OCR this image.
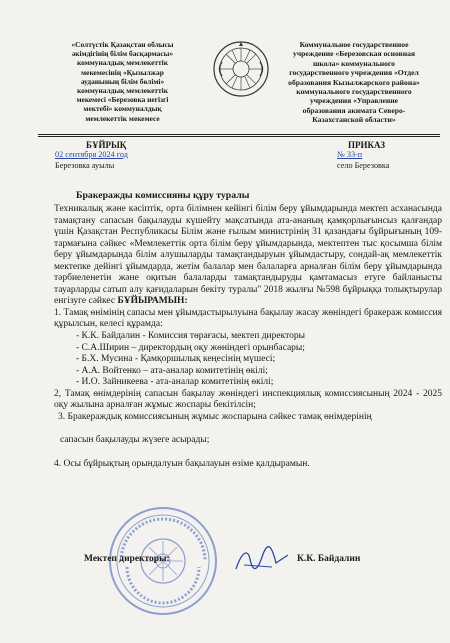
«Солтүстік Қазақстан облысы
әкімдігінің білім басқармасы»
коммуналдық мемлекеттік
мекемесінің «Қызылжар
ауданының білім бөлімі»
коммуналдық мемлекеттік
мекемесі «Березовка негізгі
мектебі» коммуналдық
мемлекеттік мекемесе
Коммунальное государственное
учреждение «Березовская основная
школа» коммунального
государственного учреждения «Отдел
образования Кызылжарского района»
коммунального государственного
учреждения «Управление
образования акимата Северо-
Казахстанской области»
БҰЙРЫҚ	ПРИКАЗ
02 сентября 2024 год
Березовка ауылы
№ 33-п
село Березовка
Бракеражды комиссияны құру туралы
Техникалық және кәсіптік, орта білімнен кейінгі білім беру ұйымдарында мектеп асханасында тамақтану сапасын бақылауды күшейту мақсатында ата-ананың қамқорлығынсыз қалғандар үшін Қазақстан Республикасы Білім және ғылым министрінің 31 қазандағы бұйрығының 109-тармағына сәйкес «Мемлекеттік орта білім беру ұйымдарында, мектептен тыс қосымша білім беру ұйымдарында білім алушыларды тамақтандыруын ұйымдастыру, сондай-ақ мемлекеттік мектепке дейінгі ұйымдарда, жетім балалар мен балаларға арналған білім беру ұйымдарында тәрбиеленетін және оқитын балаларды тамақтандыруды қамтамасыз етуге байланысты тауарларды сатып алу қағидаларын бекіту туралы" 2018 жылғы №598 бұйрыққа толықтырулар енгізуге сәйкес БҰЙЫРАМЫН:
1. Тамақ өнімінің сапасы мен ұйымдастырылуына бақылау жасау жөніндегі бракераж комиссия құрылсын, келесі құрамда:
- К.К. Байдалин - Комиссия төрағасы, мектеп директоры
- С.А.Ширин – директордың оқу жөніндегі орынбасары;
- Б.Х. Мусина - Қамқоршылық кеңесінің мүшесі;
- А.А. Войтенко – ата-аналар комитетінің өкілі;
- И.О. Зайникеева - ата-аналар комитетінің өкілі;
2, Тамақ өнімдерінің сапасын бақылау жөніндегі инспекциялық комиссиясының 2024 - 2025 оқу жылына арналған жұмыс жоспары бекітілсін;
3. Бракераждық комиссиясының жұмыс жоспарына сәйкес тамақ өнімдерінің
сапасын бақылауды жүзеге асырады;
4. Осы бұйрықтың орындалуын бақылауын өзіме қалдырамын.
Мектеп директоры:	К.К. Байдалин
